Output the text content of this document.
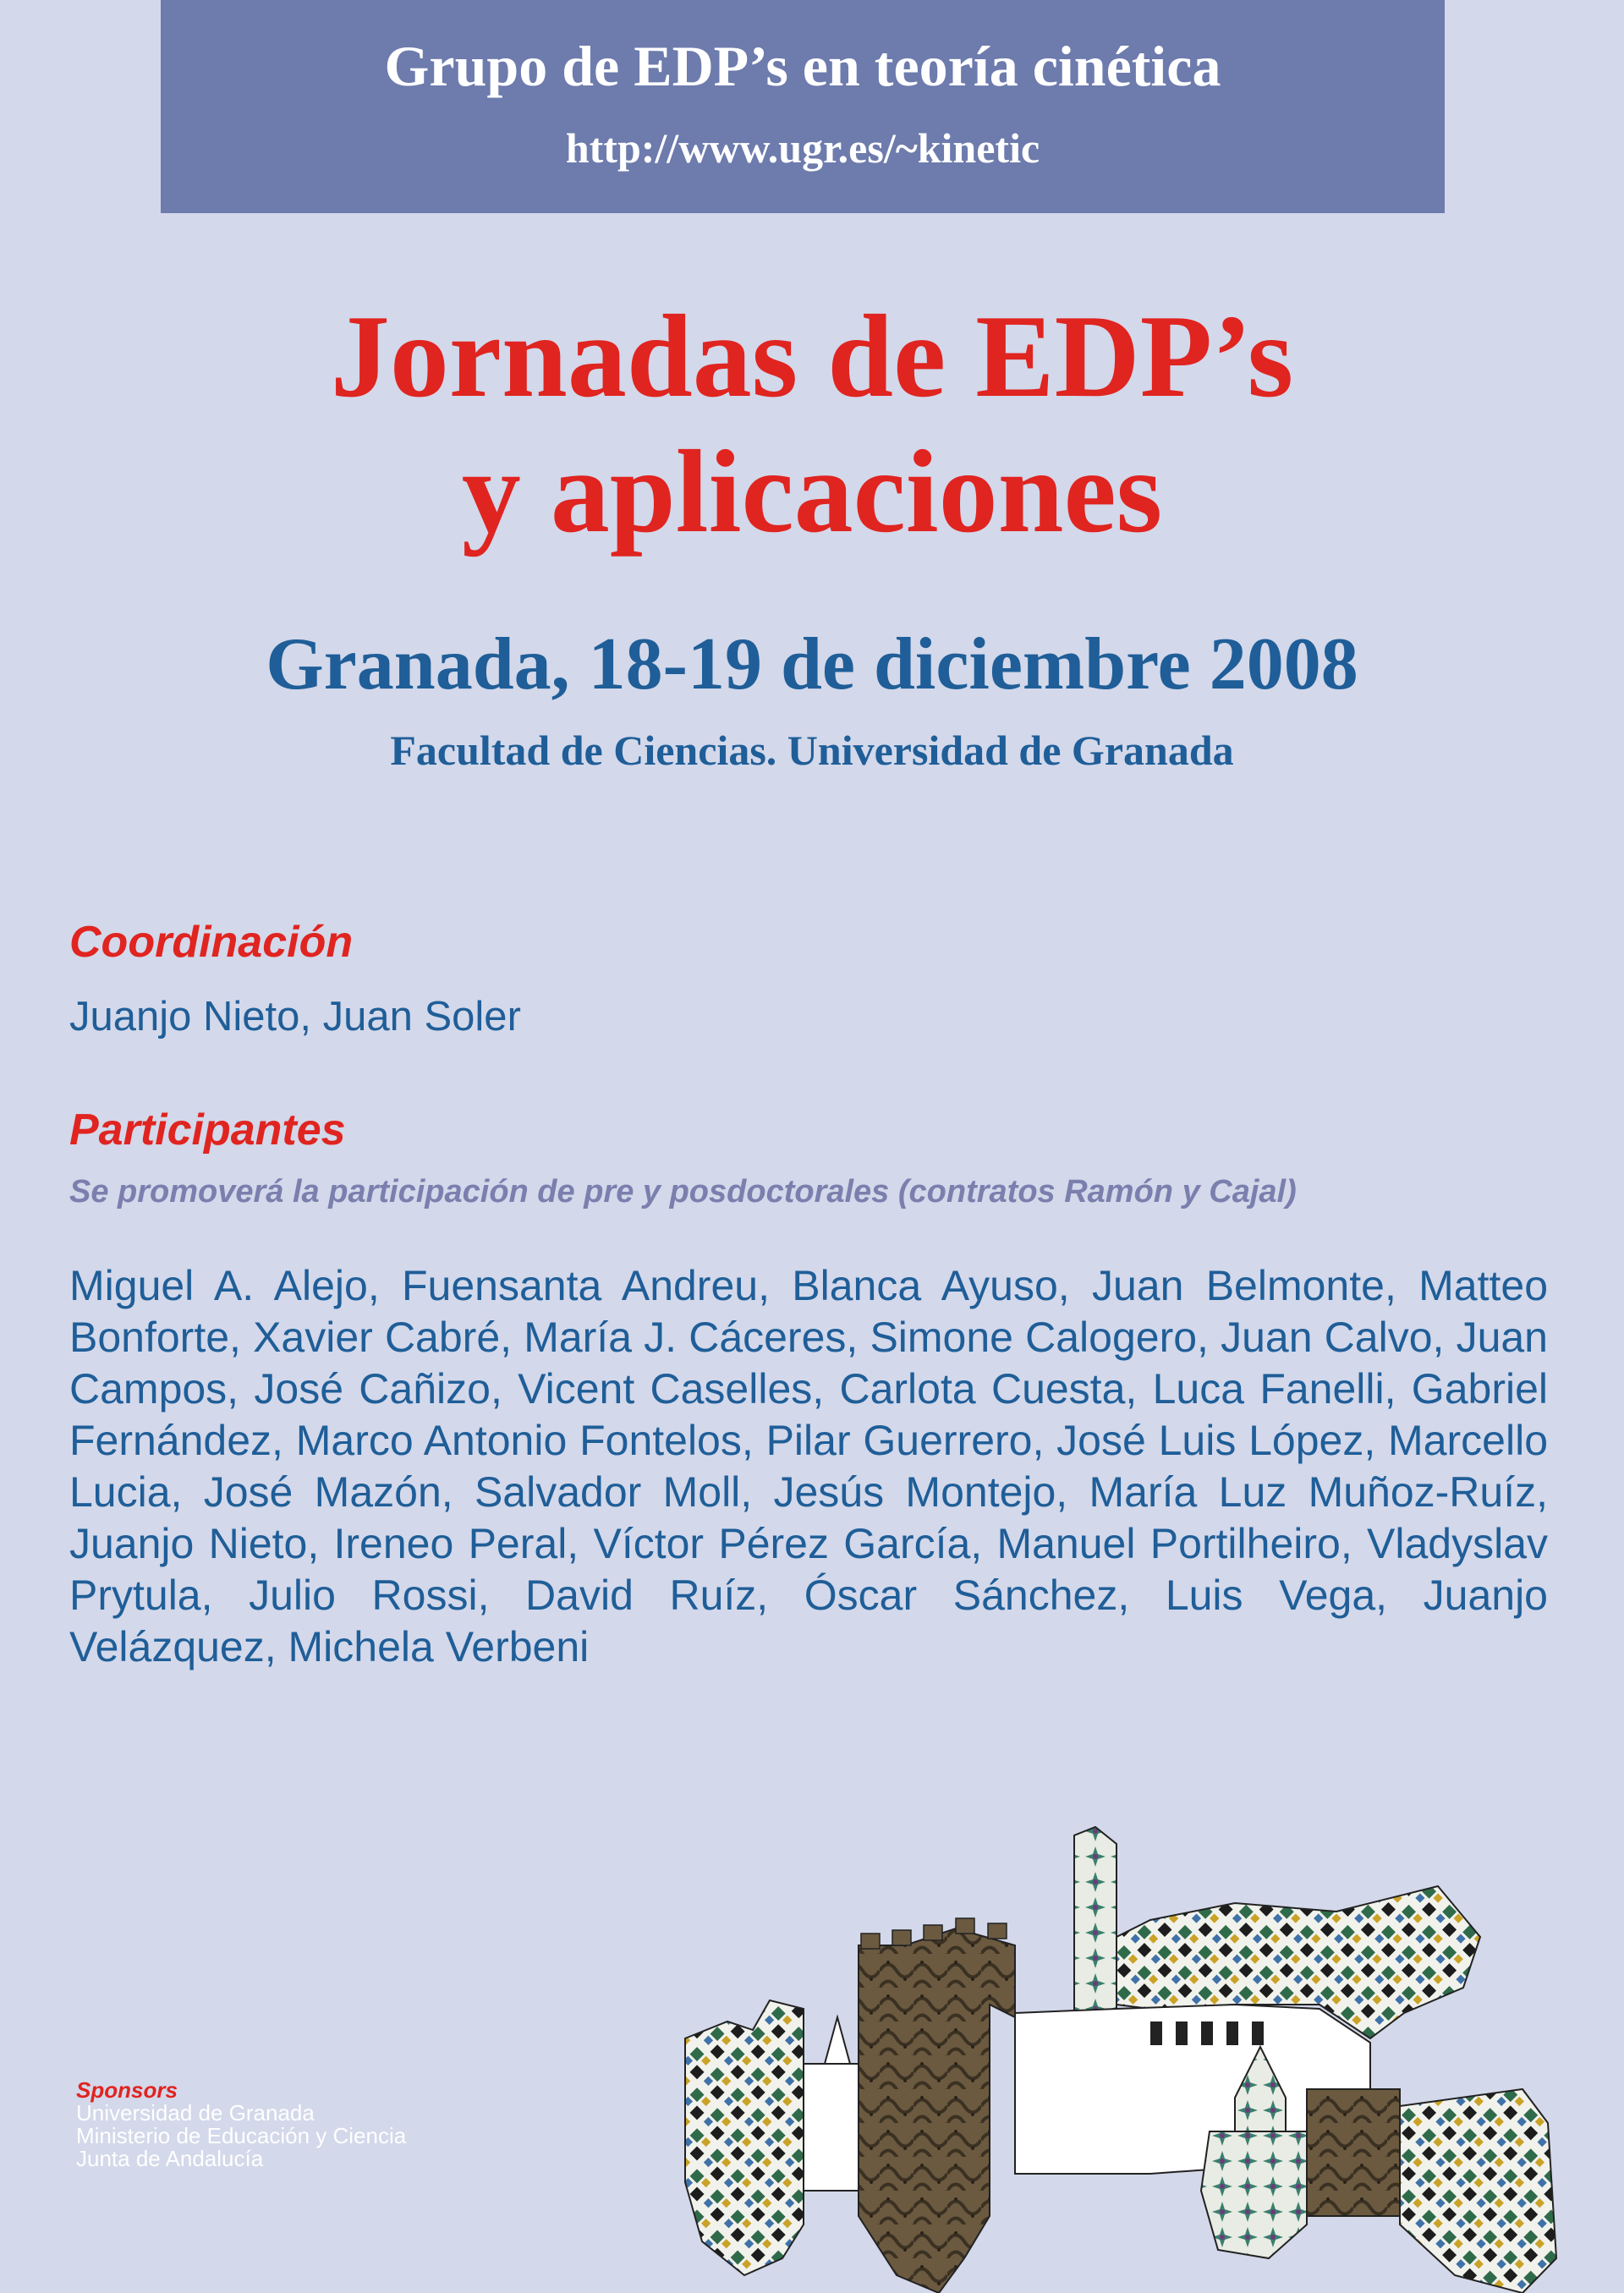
Grupo de EDP’s en teoría cinética
http://www.ugr.es/~kinetic
Jornadas de EDP’s
y aplicaciones
Granada, 18-19 de diciembre 2008
Facultad de Ciencias. Universidad de Granada
Coordinación
Juanjo Nieto, Juan Soler
Participantes
Se promoverá la participación de pre y posdoctorales (contratos Ramón y Cajal)
Miguel A. Alejo, Fuensanta Andreu, Blanca Ayuso, Juan Belmonte, Matteo Bonforte, Xavier Cabré, María J. Cáceres, Simone Calogero, Juan Calvo, Juan Campos, José Cañizo, Vicent Caselles, Carlota Cuesta, Luca Fanelli, Gabriel Fernández, Marco Antonio Fontelos, Pilar Guerrero, José Luis López, Marcello Lucia, José Mazón, Salvador Moll, Jesús Montejo, María Luz Muñoz-Ruíz, Juanjo Nieto, Ireneo Peral, Víctor Pérez García, Manuel Portilheiro, Vladyslav Prytula, Julio Rossi, David Ruíz, Óscar Sánchez, Luis Vega, Juanjo Velázquez, Michela Verbeni
Sponsors
Universidad de Granada
Ministerio de Educación y Ciencia
Junta de Andalucía
